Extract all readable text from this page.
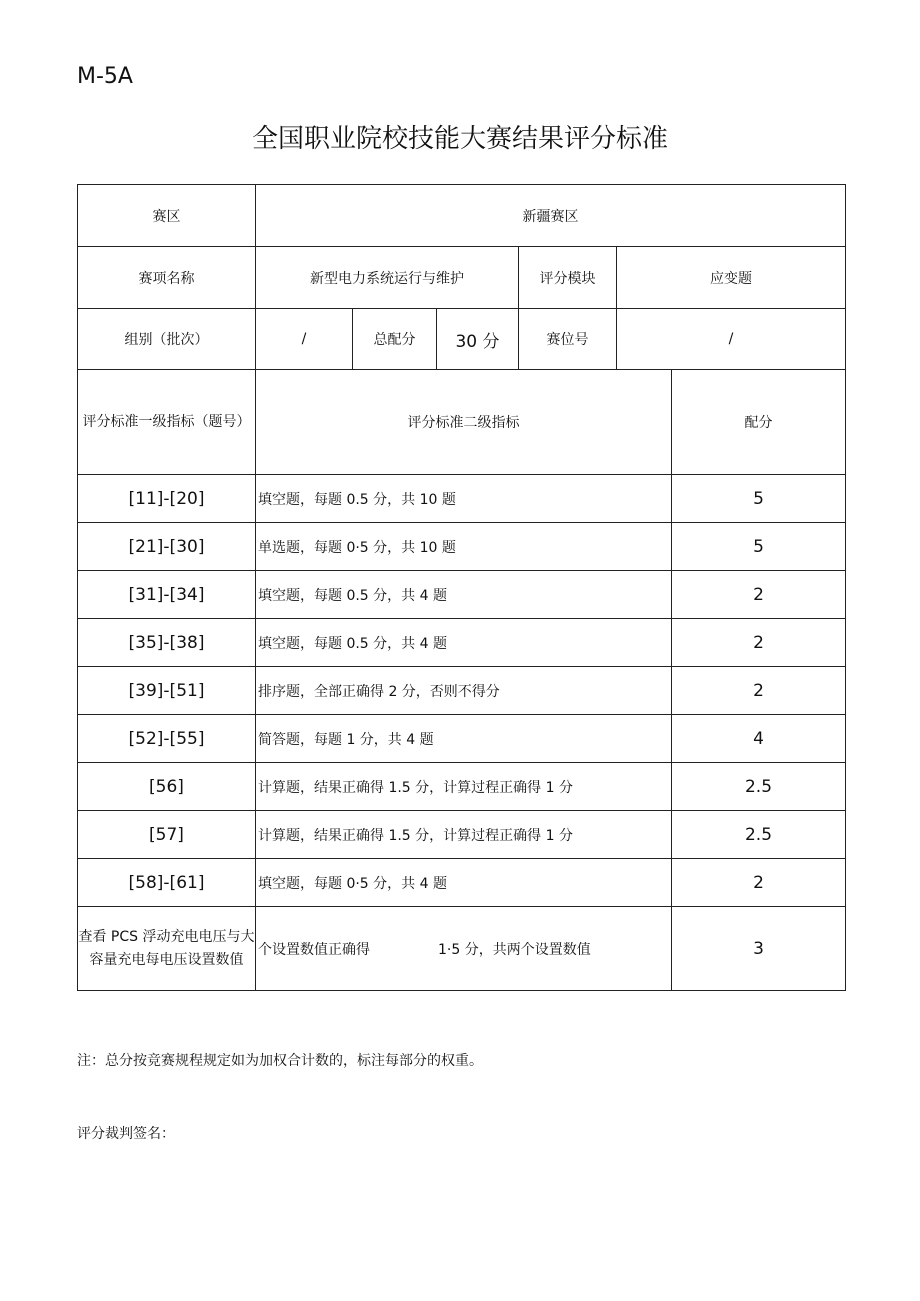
M-5A
全国职业院校技能大赛结果评分标准
赛区	新疆赛区					
赛项名称	新型电力系统运行与维护			评分模块	应变题	
组别（批次）	/	总配分	30 分	赛位号	/	
评分标准一级指标（题号）	评分标准二级指标					配分
[11]-[20]	填空题，每题 0.5 分，共 10 题					5
[21]-[30]	单选题，每题 0·5 分，共 10 题					5
[31]-[34]	填空题，每题 0.5 分，共 4 题					2
[35]-[38]	填空题，每题 0.5 分，共 4 题					2
[39]-[51]	排序题，全部正确得 2 分，否则不得分					2
[52]-[55]	简答题，每题 1 分，共 4 题					4
[56]	计算题，结果正确得 1.5 分，计算过程正确得 1 分					2.5
[57]	计算题，结果正确得 1.5 分，计算过程正确得 1 分					2.5
[58]-[61]	填空题，每题 0·5 分，共 4 题					2
查看 PCS 浮动充电电压与大容量充电每电压设置数值	个设置数值正确得 1·5 分，共两个设置数值					3
注：总分按竞赛规程规定如为加权合计数的，标注每部分的权重。
评分裁判签名：
